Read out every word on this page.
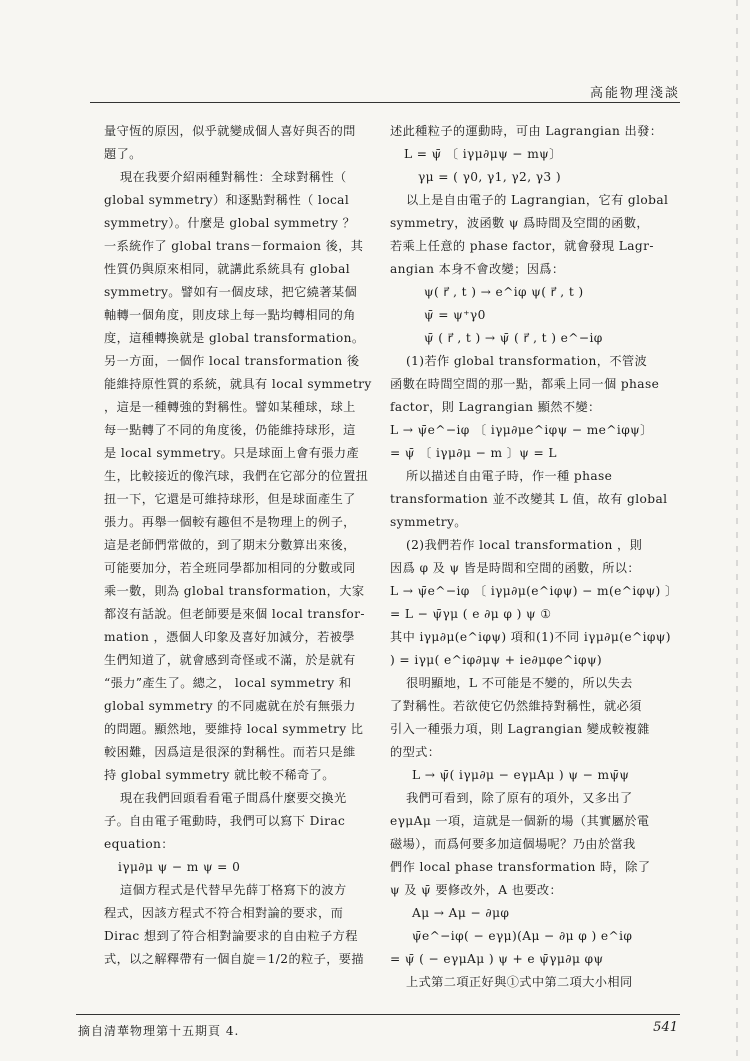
高能物理淺談
量守恆的原因，似乎就變成個人喜好與否的問
題了。
現在我要介紹兩種對稱性：全球對稱性（
global symmetry）和逐點對稱性（ local
symmetry）。什麼是 global symmetry ？
一系統作了 global trans－formaion 後，其
性質仍與原來相同，就講此系統具有 global
symmetry。譬如有一個皮球，把它繞著某個
軸轉一個角度，則皮球上每一點均轉相同的角
度，這種轉換就是 global transformation。
另一方面，一個作 local transformation 後
能維持原性質的系統，就具有 local symmetry
，這是一種轉強的對稱性。譬如某種球，球上
每一點轉了不同的角度後，仍能維持球形，這
是 local symmetry。只是球面上會有張力產
生，比較接近的像汽球，我們在它部分的位置扭
扭一下，它還是可維持球形，但是球面產生了
張力。再舉一個較有趣但不是物理上的例子，
這是老師們常做的，到了期末分數算出來後，
可能要加分，若全班同學都加相同的分數或同
乘一數，則為 global transformation，大家
都沒有話說。但老師要是來個 local transfor-
mation ，憑個人印象及喜好加減分，若被學
生們知道了，就會感到奇怪或不滿，於是就有
“張力”產生了。總之， local symmetry 和
global symmetry 的不同處就在於有無張力
的問題。顯然地，要維持 local symmetry 比
較困難，因爲這是很深的對稱性。而若只是維
持 global symmetry 就比較不稀奇了。
現在我們回頭看看電子間爲什麼要交換光
子。自由電子電動時，我們可以寫下 Dirac
equation：
iγμ∂μ ψ − m ψ = 0
這個方程式是代替早先薛丁格寫下的波方
程式，因該方程式不符合相對論的要求，而
Dirac 想到了符合相對論要求的自由粒子方程
式，以之解釋帶有一個自旋＝1/2的粒子，要描
述此種粒子的運動時，可由 Lagrangian 出發：
L = ψ̄ 〔 iγμ∂μψ − mψ〕
γμ = ( γ0, γ1, γ2, γ3 )
以上是自由電子的 Lagrangian，它有 global
symmetry，波函數 ψ 爲時間及空間的函數，
若乘上任意的 phase factor，就會發現 Lagr-
angian 本身不會改變；因爲：
ψ( r⃗ , t ) → e^iφ ψ( r⃗ , t )
ψ̄ = ψ⁺γ0
ψ̄ ( r⃗ , t ) → ψ̄ ( r⃗ , t ) e^−iφ
(1)若作 global transformation，不管波
函數在時間空間的那一點，都乘上同一個 phase
factor，則 Lagrangian 顯然不變：
L → ψ̄e^−iφ 〔 iγμ∂μe^iφψ − me^iφψ〕
= ψ̄ 〔 iγμ∂μ − m 〕ψ = L
所以描述自由電子時，作一種 phase
transformation 並不改變其 L 值，故有 global
symmetry。
(2)我們若作 local transformation ，則
因爲 φ 及 ψ 皆是時間和空間的函數，所以：
L → ψ̄e^−iφ 〔 iγμ∂μ(e^iφψ) − m(e^iφψ) 〕
= L − ψ̄γμ ( e ∂μ φ ) ψ ①
其中 iγμ∂μ(e^iφψ) 項和(1)不同 iγμ∂μ(e^iφψ)
) = iγμ( e^iφ∂μψ + ie∂μφe^iφψ)
很明顯地，L 不可能是不變的，所以失去
了對稱性。若欲使它仍然維持對稱性，就必須
引入一種張力項，則 Lagrangian 變成較複雜
的型式：
L → ψ̄( iγμ∂μ − eγμAμ ) ψ − mψ̄ψ
我們可看到，除了原有的項外，又多出了
eγμAμ 一項，這就是一個新的場（其實屬於電
磁場），而爲何要多加這個場呢？乃由於當我
們作 local phase transformation 時，除了
ψ 及 ψ̄ 要修改外，A 也要改：
Aμ → Aμ − ∂μφ
ψ̄e^−iφ( − eγμ)(Aμ − ∂μ φ ) e^iφ
= ψ̄ ( − eγμAμ ) ψ + e ψ̄γμ∂μ φψ
上式第二項正好與①式中第二項大小相同
摘自清華物理第十五期頁 4.	541
